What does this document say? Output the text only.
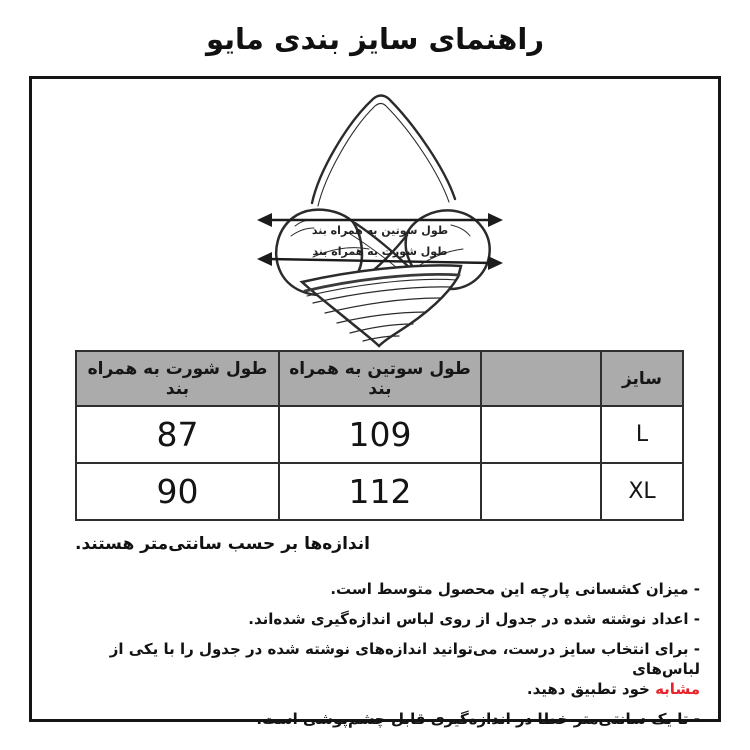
راهنمای سایز بندی مایو
طول سوتین به همراه بند
طول شورت به همراه بند
سایز		طول سوتین به همراه بند	طول شورت به همراه بند
L		109	87
XL		112	90
اندازه‌ها بر حسب سانتی‌متر هستند.
- میزان کشسانی پارچه این محصول متوسط است.
- اعداد نوشته شده در جدول از روی لباس اندازه‌گیری شده‌اند.
- برای انتخاب سایز درست، می‌توانید اندازه‌های نوشته شده در جدول را با یکی از لباس‌های
مشابه خود تطبیق دهید.
- تا یک سانتی‌متر خطا در اندازه‌گیری قابل چشم‌پوشی است.
